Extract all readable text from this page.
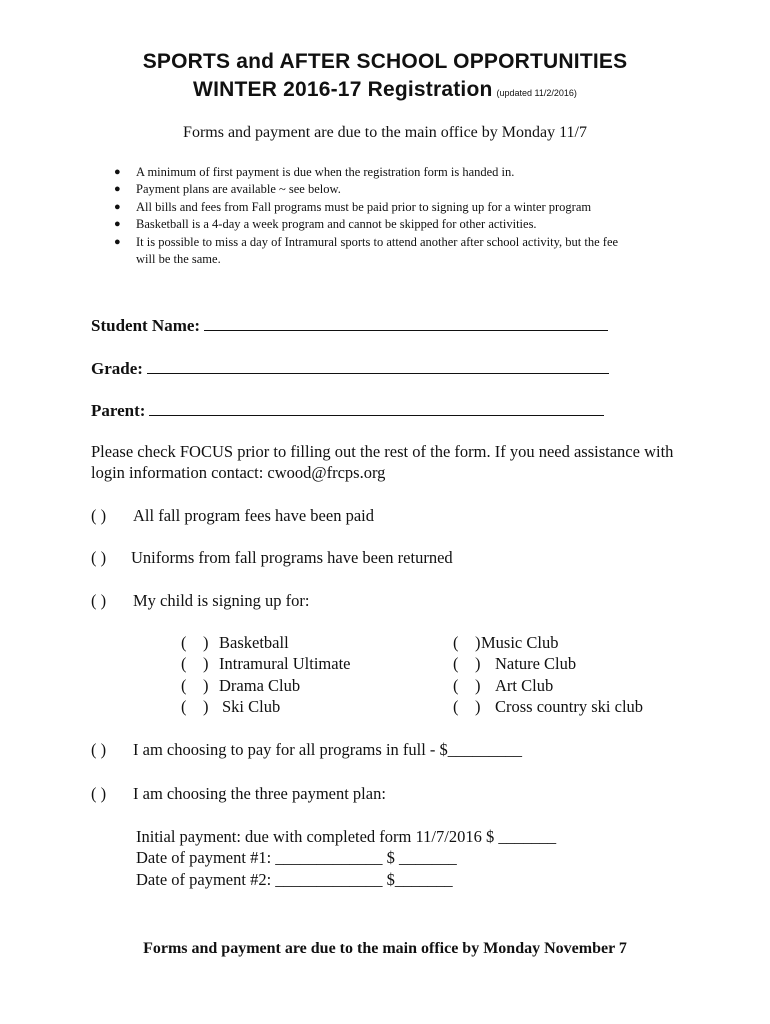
SPORTS and AFTER SCHOOL OPPORTUNITIES
WINTER 2016-17 Registration (updated 11/2/2016)
Forms and payment are due to the main office by Monday 11/7
● A minimum of first payment is due when the registration form is handed in.
● Payment plans are available ~ see below.
● All bills and fees from Fall programs must be paid prior to signing up for a winter program
● Basketball is a 4-day a week program and cannot be skipped for other activities.
● It is possible to miss a day of Intramural sports to attend another after school activity, but the fee
will be the same.
Student Name:
Grade:
Parent:
Please check FOCUS prior to filling out the rest of the form. If you need assistance with login information contact: cwood@frcps.org
( ) All fall program fees have been paid
( ) Uniforms from fall programs have been returned
( ) My child is signing up for:
(    ) Basketball
(    ) Intramural Ultimate
(    ) Drama Club
(    ) Ski Club
(    )Music Club
(    ) Nature Club
(    ) Art Club
(    ) Cross country ski club
( ) I am choosing to pay for all programs in full - $_________
( ) I am choosing the three payment plan:
Initial payment: due with completed form 11/7/2016 $ _______
Date of payment #1: _____________ $ _______
Date of payment #2: _____________ $_______
Forms and payment are due to the main office by Monday November 7
